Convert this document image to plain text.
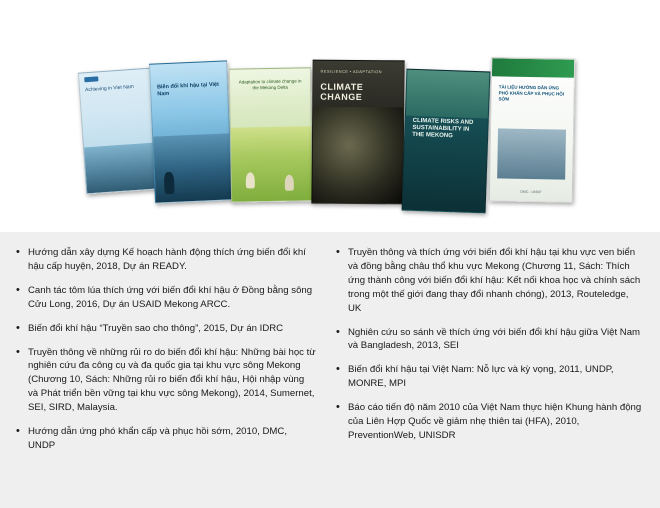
Achieving in Viet Nam	Biến đổi khí hậu tại Việt Nam
Adaptation to climate change in the Mekong Delta
RESILIENCE • ADAPTATION
CLIMATE CHANGE
CLIMATE RISKS AND SUSTAINABILITY IN THE MEKONG
TÀI LIỆU HƯỚNG DẪN ỨNG PHÓ KHẨN CẤP VÀ PHỤC HỒI SỚM
DMC - UNDP
• Hướng dẫn xây dựng Kế hoạch hành động thích ứng biến đổi khí hậu cấp huyện, 2018, Dự án READY.
• Canh tác tôm lúa thích ứng với biến đổi khí hậu ở Đồng bằng sông Cửu Long, 2016, Dự án USAID Mekong ARCC.
• Biến đổi khí hậu “Truyền sao cho thông”, 2015, Dự án IDRC
• Truyền thông về những rủi ro do biến đổi khí hậu: Những bài học từ nghiên cứu đa công cụ và đa quốc gia tại khu vực sông Mekong (Chương 10, Sách: Những rủi ro biến đổi khí hậu, Hội nhập vùng và Phát triển bền vững tại khu vực sông Mekong), 2014, Sumernet, SEI, SIRD, Malaysia.
• Hướng dẫn ứng phó khẩn cấp và phục hồi sớm, 2010, DMC, UNDP
• Truyền thông và thích ứng với biến đổi khí hậu tại khu vực ven biển và đồng bằng châu thổ khu vực Mekong (Chương 11, Sách: Thích ứng thành công với biến đổi khí hậu: Kết nối khoa học và chính sách trong một thế giới đang thay đổi nhanh chóng), 2013, Routeledge, UK
• Nghiên cứu so sánh về thích ứng với biến đổi khí hậu giữa Việt Nam và Bangladesh, 2013, SEI
• Biến đổi khí hậu tại Việt Nam: Nỗ lực và kỳ vọng, 2011, UNDP, MONRE, MPI
• Báo cáo tiến độ năm 2010 của Việt Nam thực hiện Khung hành động của Liên Hợp Quốc về giảm nhẹ thiên tai (HFA), 2010, PreventionWeb, UNISDR
